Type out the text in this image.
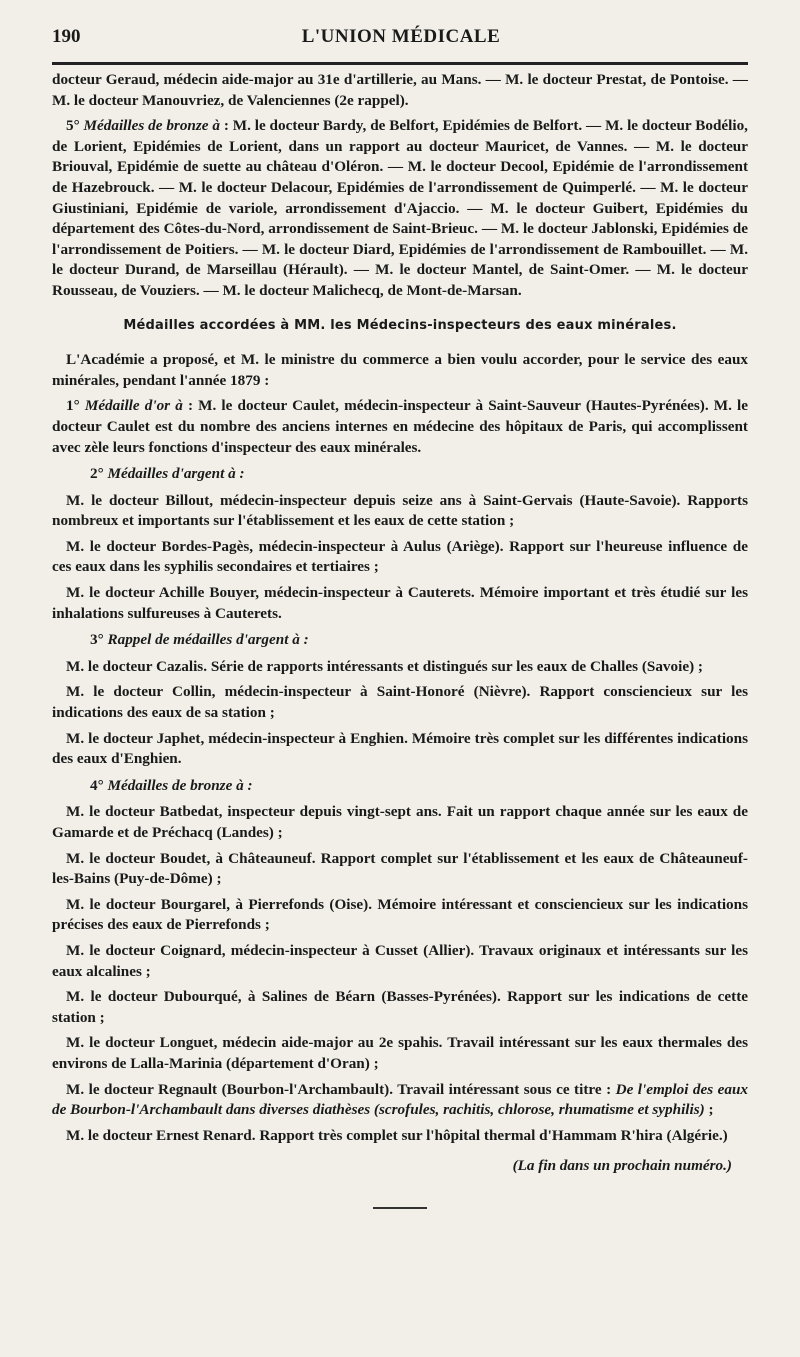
190	L'UNION MÉDICALE

docteur Geraud, médecin aide-major au 31e d'artillerie, au Mans. — M. le docteur Prestat, de Pontoise. — M. le docteur Manouvriez, de Valenciennes (2e rappel).

5° Médailles de bronze à : M. le docteur Bardy, de Belfort, Epidémies de Belfort. — M. le docteur Bodélio, de Lorient, Epidémies de Lorient, dans un rapport au docteur Mauricet, de Vannes. — M. le docteur Briouval, Epidémie de suette au château d'Oléron. — M. le docteur Decool, Epidémie de l'arrondissement de Hazebrouck. — M. le docteur Delacour, Epidémies de l'arrondissement de Quimperlé. — M. le docteur Giustiniani, Epidémie de variole, arrondissement d'Ajaccio. — M. le docteur Guibert, Epidémies du département des Côtes-du-Nord, arrondissement de Saint-Brieuc. — M. le docteur Jablonski, Epidémies de l'arrondissement de Poitiers. — M. le docteur Diard, Epidémies de l'arrondissement de Rambouillet. — M. le docteur Durand, de Marseillau (Hérault). — M. le docteur Mantel, de Saint-Omer. — M. le docteur Rousseau, de Vouziers. — M. le docteur Malichecq, de Mont-de-Marsan.

Médailles accordées à MM. les Médecins-inspecteurs des eaux minérales.

L'Académie a proposé, et M. le ministre du commerce a bien voulu accorder, pour le service des eaux minérales, pendant l'année 1879 :

1° Médaille d'or à : M. le docteur Caulet, médecin-inspecteur à Saint-Sauveur (Hautes-Pyrénées). M. le docteur Caulet est du nombre des anciens internes en médecine des hôpitaux de Paris, qui accomplissent avec zèle leurs fonctions d'inspecteur des eaux minérales.

2° Médailles d'argent à :

M. le docteur Billout, médecin-inspecteur depuis seize ans à Saint-Gervais (Haute-Savoie). Rapports nombreux et importants sur l'établissement et les eaux de cette station ;

M. le docteur Bordes-Pagès, médecin-inspecteur à Aulus (Ariège). Rapport sur l'heureuse influence de ces eaux dans les syphilis secondaires et tertiaires ;

M. le docteur Achille Bouyer, médecin-inspecteur à Cauterets. Mémoire important et très étudié sur les inhalations sulfureuses à Cauterets.

3° Rappel de médailles d'argent à :

M. le docteur Cazalis. Série de rapports intéressants et distingués sur les eaux de Challes (Savoie) ;

M. le docteur Collin, médecin-inspecteur à Saint-Honoré (Nièvre). Rapport consciencieux sur les indications des eaux de sa station ;

M. le docteur Japhet, médecin-inspecteur à Enghien. Mémoire très complet sur les différentes indications des eaux d'Enghien.

4° Médailles de bronze à :

M. le docteur Batbedat, inspecteur depuis vingt-sept ans. Fait un rapport chaque année sur les eaux de Gamarde et de Préchacq (Landes) ;

M. le docteur Boudet, à Châteauneuf. Rapport complet sur l'établissement et les eaux de Châteauneuf-les-Bains (Puy-de-Dôme) ;

M. le docteur Bourgarel, à Pierrefonds (Oise). Mémoire intéressant et consciencieux sur les indications précises des eaux de Pierrefonds ;

M. le docteur Coignard, médecin-inspecteur à Cusset (Allier). Travaux originaux et intéressants sur les eaux alcalines ;

M. le docteur Dubourqué, à Salines de Béarn (Basses-Pyrénées). Rapport sur les indications de cette station ;

M. le docteur Longuet, médecin aide-major au 2e spahis. Travail intéressant sur les eaux thermales des environs de Lalla-Marinia (département d'Oran) ;

M. le docteur Regnault (Bourbon-l'Archambault). Travail intéressant sous ce titre : De l'emploi des eaux de Bourbon-l'Archambault dans diverses diathèses (scrofules, rachitis, chlorose, rhumatisme et syphilis) ;

M. le docteur Ernest Renard. Rapport très complet sur l'hôpital thermal d'Hammam R'hira (Algérie.)

(La fin dans un prochain numéro.)
